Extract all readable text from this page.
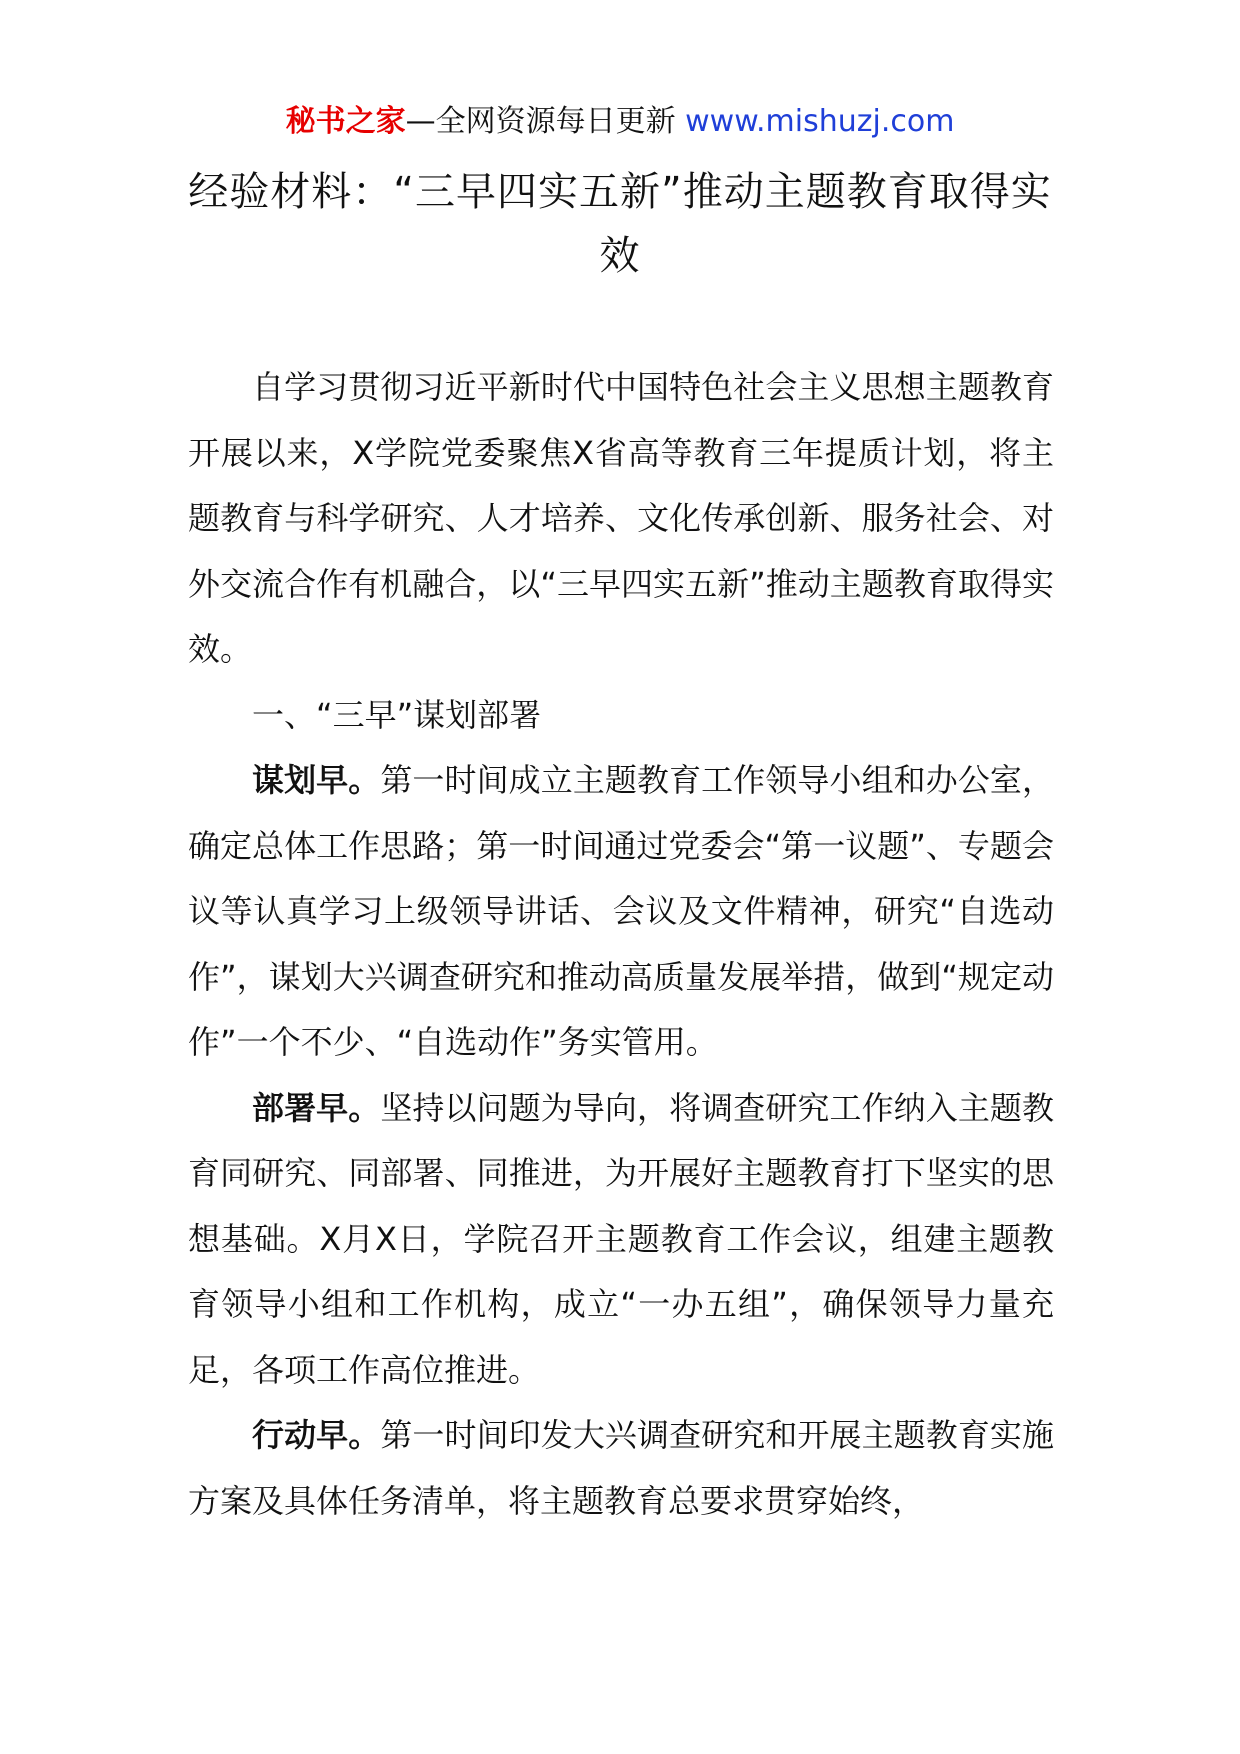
秘书之家—全网资源每日更新 www.mishuzj.com
经验材料：“三早四实五新”推动主题教育取得实效

自学习贯彻习近平新时代中国特色社会主义思想主题教育开展以来，X学院党委聚焦X省高等教育三年提质计划，将主题教育与科学研究、人才培养、文化传承创新、服务社会、对外交流合作有机融合，以“三早四实五新”推动主题教育取得实效。

一、“三早”谋划部署

谋划早。第一时间成立主题教育工作领导小组和办公室，确定总体工作思路；第一时间通过党委会“第一议题”、专题会议等认真学习上级领导讲话、会议及文件精神，研究“自选动作”，谋划大兴调查研究和推动高质量发展举措，做到“规定动作”一个不少、“自选动作”务实管用。

部署早。坚持以问题为导向，将调查研究工作纳入主题教育同研究、同部署、同推进，为开展好主题教育打下坚实的思想基础。X月X日，学院召开主题教育工作会议，组建主题教育领导小组和工作机构，成立“一办五组”，确保领导力量充足，各项工作高位推进。

行动早。第一时间印发大兴调查研究和开展主题教育实施方案及具体任务清单，将主题教育总要求贯穿始终，
